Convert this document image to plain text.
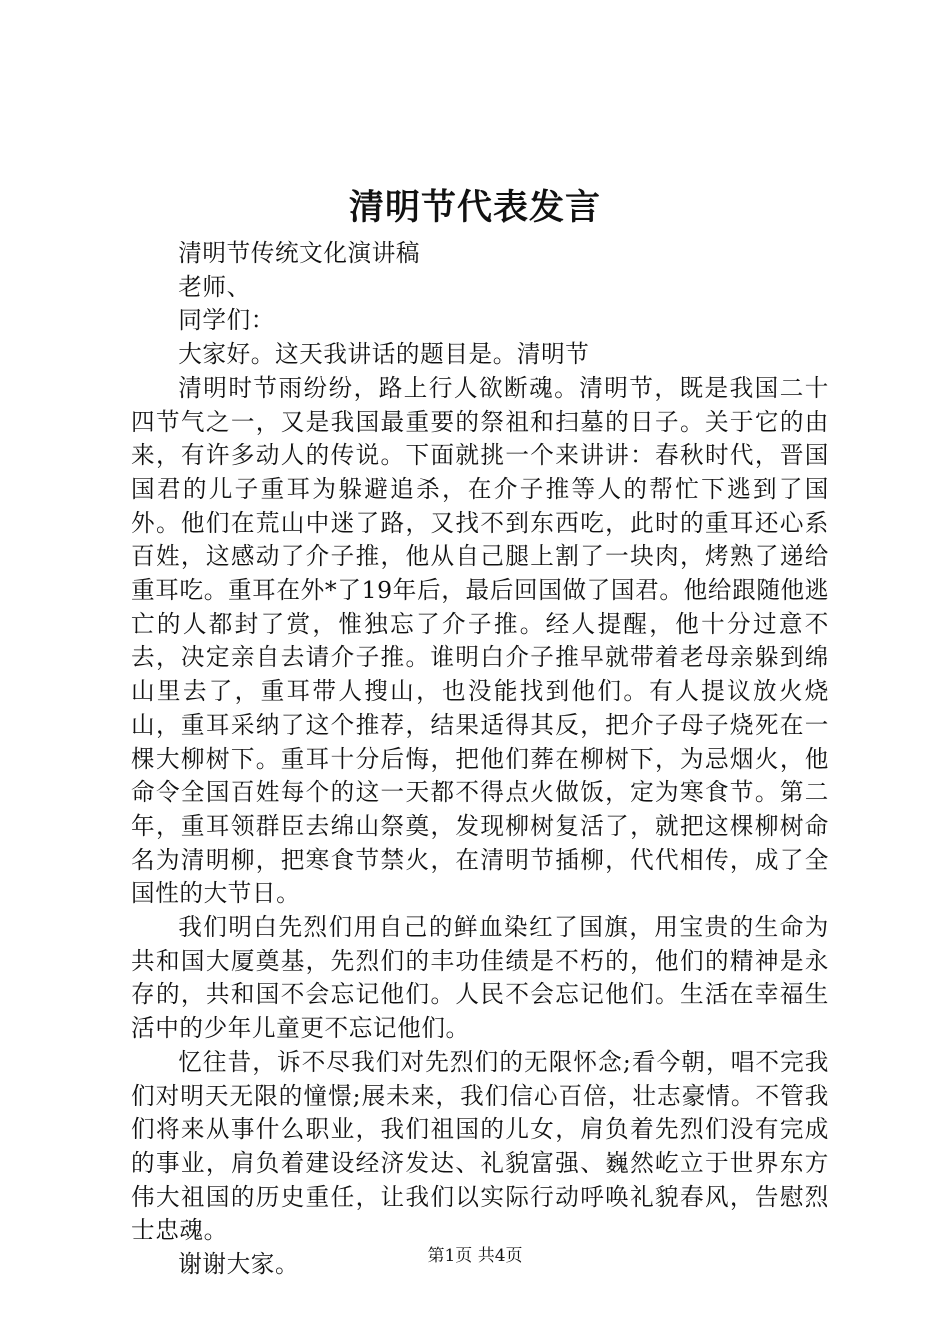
清明节代表发言

清明节传统文化演讲稿

老师、

同学们：

大家好。这天我讲话的题目是。清明节

清明时节雨纷纷，路上行人欲断魂。清明节，既是我国二十四节气之一，又是我国最重要的祭祖和扫墓的日子。关于它的由来，有许多动人的传说。下面就挑一个来讲讲：春秋时代，晋国国君的儿子重耳为躲避追杀，在介子推等人的帮忙下逃到了国外。他们在荒山中迷了路，又找不到东西吃，此时的重耳还心系百姓，这感动了介子推，他从自己腿上割了一块肉，烤熟了递给重耳吃。重耳在外*了19年后，最后回国做了国君。他给跟随他逃亡的人都封了赏，惟独忘了介子推。经人提醒，他十分过意不去，决定亲自去请介子推。谁明白介子推早就带着老母亲躲到绵山里去了，重耳带人搜山，也没能找到他们。有人提议放火烧山，重耳采纳了这个推荐，结果适得其反，把介子母子烧死在一棵大柳树下。重耳十分后悔，把他们葬在柳树下，为忌烟火，他命令全国百姓每个的这一天都不得点火做饭，定为寒食节。第二年，重耳领群臣去绵山祭奠，发现柳树复活了，就把这棵柳树命名为清明柳，把寒食节禁火，在清明节插柳，代代相传，成了全国性的大节日。

我们明白先烈们用自己的鲜血染红了国旗，用宝贵的生命为共和国大厦奠基，先烈们的丰功佳绩是不朽的，他们的精神是永存的，共和国不会忘记他们。人民不会忘记他们。生活在幸福生活中的少年儿童更不忘记他们。

忆往昔，诉不尽我们对先烈们的无限怀念;看今朝，唱不完我们对明天无限的憧憬;展未来，我们信心百倍，壮志豪情。不管我们将来从事什么职业，我们祖国的儿女，肩负着先烈们没有完成的事业，肩负着建设经济发达、礼貌富强、巍然屹立于世界东方伟大祖国的历史重任，让我们以实际行动呼唤礼貌春风，告慰烈士忠魂。

谢谢大家。	第1页 共4页
